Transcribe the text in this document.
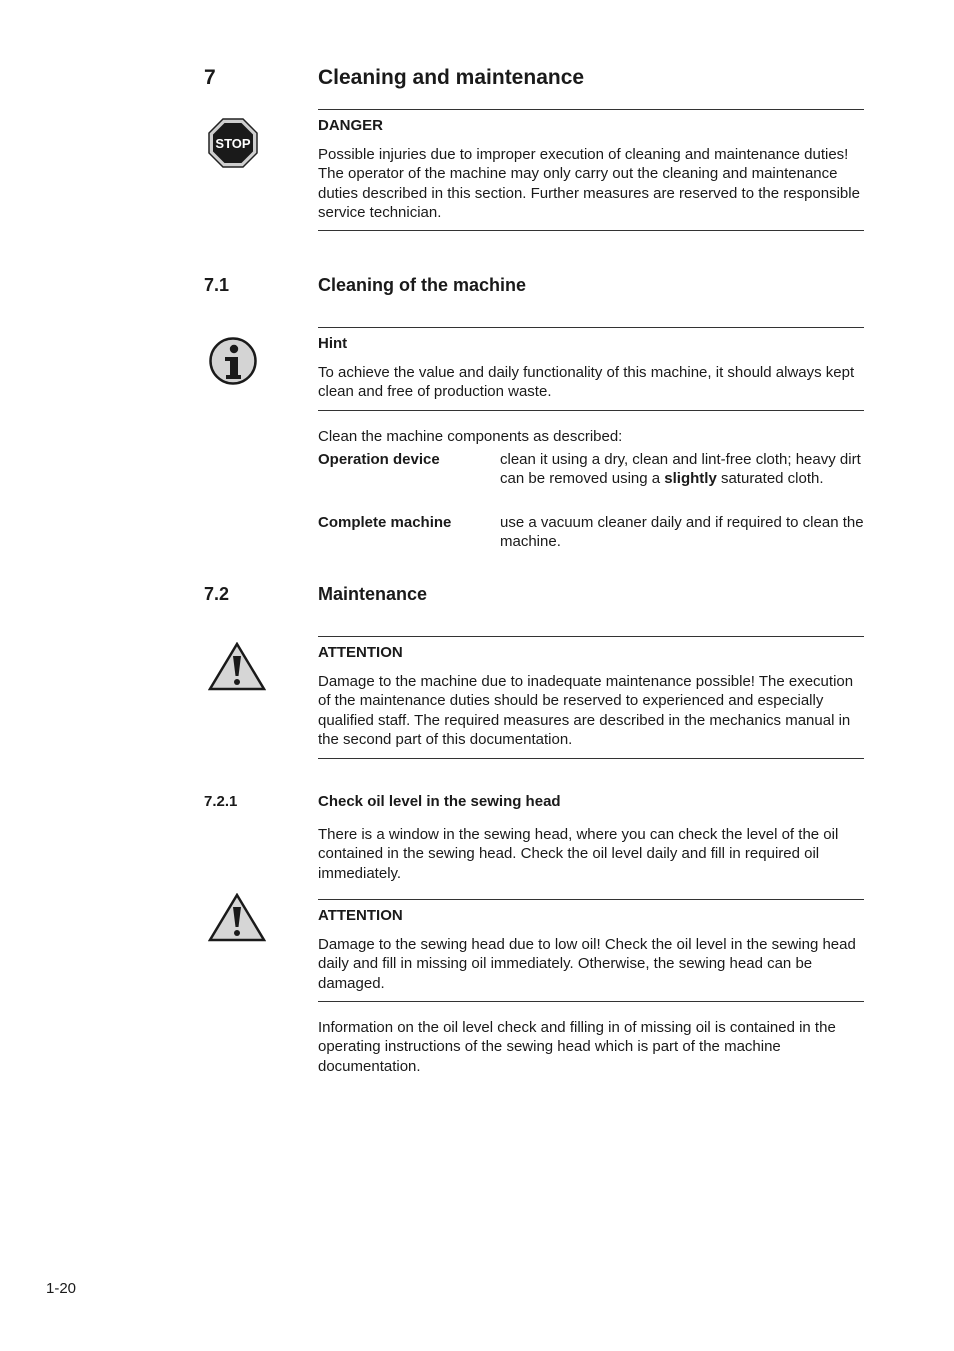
7	Cleaning and maintenance
STOP
DANGER
Possible injuries due to improper execution of cleaning and maintenance duties! The operator of the machine may only carry out the cleaning and maintenance duties described in this section. Further measures are reserved to the responsible service technician.
7.1	Cleaning of the machine
Hint
To achieve the value and daily functionality of this machine, it should always kept clean and free of production waste.
Clean the machine components as described:
Operation device	clean it using a dry, clean and lint-free cloth; heavy dirt can be removed using a slightly saturated cloth.
Complete machine	use a vacuum cleaner daily and if required to clean the machine.
7.2	Maintenance
ATTENTION
Damage to the machine due to inadequate maintenance possible! The execution of the maintenance duties should be reserved to experienced and especially qualified staff. The required measures are described in the mechanics manual in the second part of this documentation.
7.2.1	Check oil level in the sewing head
There is a window in the sewing head, where you can check the level of the oil contained in the sewing head. Check the oil level daily and fill in required oil immediately.
ATTENTION
Damage to the sewing head due to low oil! Check the oil level in the sewing head daily and fill in missing oil immediately. Otherwise, the sewing head can be damaged.
Information on the oil level check and filling in of missing oil is contained in the operating instructions of the sewing head which is part of the machine documentation.
1-20
